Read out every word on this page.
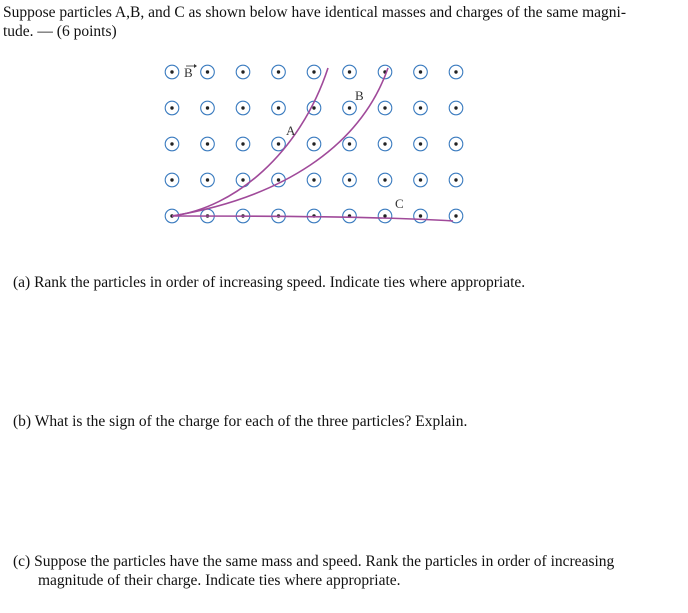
Suppose particles A,B, and C as shown below have identical masses and charges of the same magni-
tude. — (6 points)
B
A
B
C
(a) Rank the particles in order of increasing speed. Indicate ties where appropriate.
(b) What is the sign of the charge for each of the three particles? Explain.
(c) Suppose the particles have the same mass and speed. Rank the particles in order of increasing
magnitude of their charge. Indicate ties where appropriate.
